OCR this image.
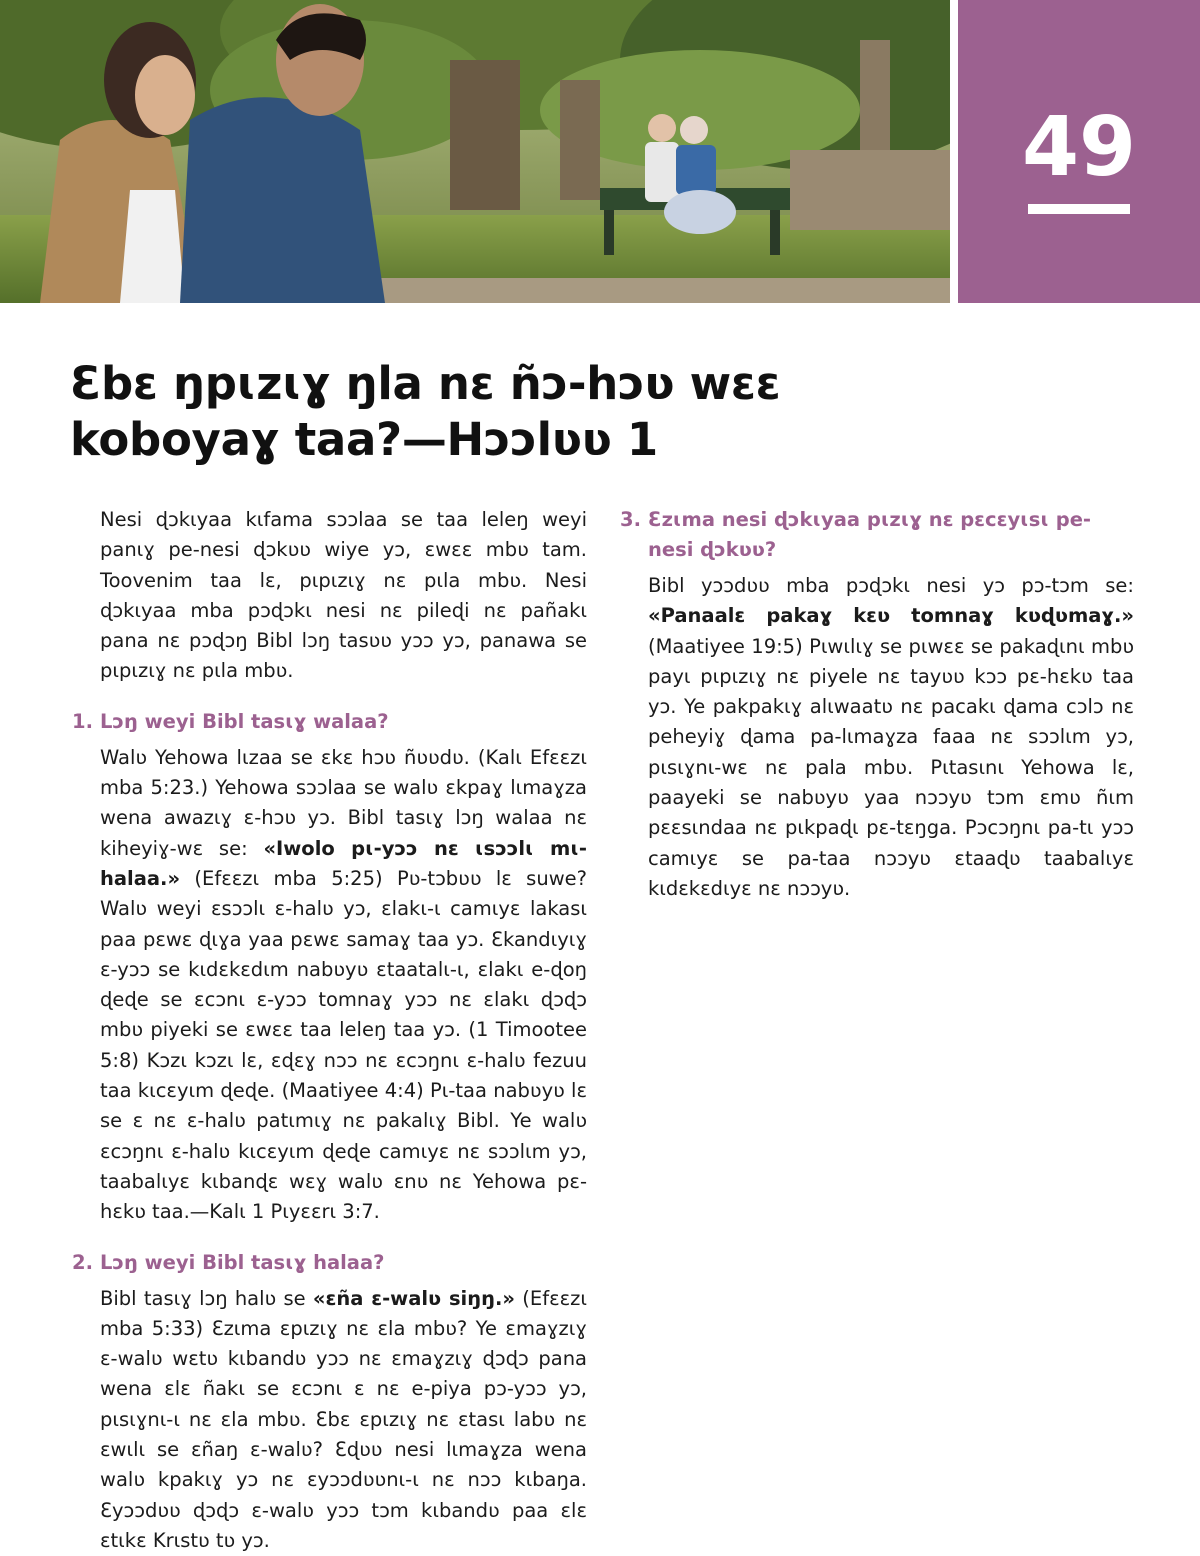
49
Ɛbɛ ŋpɩzɩɣ ŋla nɛ ñɔ-hɔʋ wɛɛ
koboyaɣ taa?—Hɔɔlʋʋ 1

Nesi ɖɔkɩyaa kɩfama sɔɔlaa se taa leleŋ weyi panɩɣ pe-nesi ɖɔkʋʋ wiye yɔ, ɛwɛɛ mbʋ tam. Toovenim taa lɛ, pɩpɩzɩɣ nɛ pɩla mbʋ. Nesi ɖɔkɩyaa mba pɔɖɔkɩ nesi nɛ pileɖi nɛ pañakɩ pana nɛ pɔɖɔŋ Bibl lɔŋ tasʋʋ yɔɔ yɔ, panawa se pɩpɩzɩɣ nɛ pɩla mbʋ.

1. Lɔŋ weyi Bibl tasɩɣ walaa?

Walʋ Yehowa lɩzaa se ɛkɛ hɔʋ ñʋʋdʋ. (Kalɩ Efɛɛzɩ mba 5:23.) Yehowa sɔɔlaa se walʋ ɛkpaɣ lɩmaɣza wena awazɩɣ ɛ-hɔʋ yɔ. Bibl tasɩɣ lɔŋ walaa nɛ kiheyiɣ-wɛ se: «Iwolo pɩ-yɔɔ nɛ ɩsɔɔlɩ mɩ-halaa.» (Efɛɛzɩ mba 5:25) Pʋ-tɔbʋʋ lɛ suwe? Walʋ weyi ɛsɔɔlɩ ɛ-halʋ yɔ, ɛlakɩ-ɩ camɩyɛ lakasɩ paa pɛwɛ ɖɩɣa yaa pɛwɛ samaɣ taa yɔ. Ɛkandɩyɩɣ ɛ-yɔɔ se kɩdɛkɛdɩm nabʋyʋ ɛtaatalɩ-ɩ, ɛlakɩ e-ɖoŋ ɖeɖe se ɛcɔnɩ ɛ-yɔɔ tomnaɣ yɔɔ nɛ ɛlakɩ ɖɔɖɔ mbʋ piyeki se ɛwɛɛ taa leleŋ taa yɔ. (1 Timootee 5:8) Kɔzɩ kɔzɩ lɛ, ɛɖɛɣ nɔɔ nɛ ɛcɔŋnɩ ɛ-halʋ fezuu taa kɩcɛyɩm ɖeɖe. (Maatiyee 4:4) Pɩ-taa nabʋyʋ lɛ se ɛ nɛ ɛ-halʋ patɩmɩɣ nɛ pakalɩɣ Bibl. Ye walʋ ɛcɔŋnɩ ɛ-halʋ kɩcɛyɩm ɖeɖe camɩyɛ nɛ sɔɔlɩm yɔ, taabalɩyɛ kɩbanɖɛ wɛɣ walʋ ɛnʋ nɛ Yehowa pɛ-hɛkʋ taa.—Kalɩ 1 Pɩyɛɛrɩ 3:7.

2. Lɔŋ weyi Bibl tasɩɣ halaa?

Bibl tasɩɣ lɔŋ halʋ se «ɛña ɛ-walʋ siŋŋ.» (Efɛɛzɩ mba 5:33) Ɛzɩma ɛpɩzɩɣ nɛ ɛla mbʋ? Ye ɛmaɣzɩɣ ɛ-walʋ wɛtʋ kɩbandʋ yɔɔ nɛ ɛmaɣzɩɣ ɖɔɖɔ pana wena ɛlɛ ñakɩ se ɛcɔnɩ ɛ nɛ e-piya pɔ-yɔɔ yɔ, pɩsɩɣnɩ-ɩ nɛ ɛla mbʋ. Ɛbɛ ɛpɩzɩɣ nɛ ɛtasɩ labʋ nɛ ɛwɩlɩ se ɛñaŋ ɛ-walʋ? Ɛɖʋʋ nesi lɩmaɣza wena walʋ kpakɩɣ yɔ nɛ ɛyɔɔdʋʋnɩ-ɩ nɛ nɔɔ kɩbaŋa. Ɛyɔɔdʋʋ ɖɔɖɔ ɛ-walʋ yɔɔ tɔm kɩbandʋ paa ɛlɛ ɛtɩkɛ Krɩstʋ tʋ yɔ.

3. Ɛzɩma nesi ɖɔkɩyaa pɩzɩɣ nɛ pɛcɛyɩsɩ pe-nesi ɖɔkʋʋ?

Bibl yɔɔdʋʋ mba pɔɖɔkɩ nesi yɔ pɔ-tɔm se: «Panaalɛ pakaɣ kɛʋ tomnaɣ kʋɖʋmaɣ.» (Maatiyee 19:5) Pɩwɩlɩɣ se pɩwɛɛ se pakaɖɩnɩ mbʋ payɩ pɩpɩzɩɣ nɛ piyele nɛ tayʋʋ kɔɔ pɛ-hɛkʋ taa yɔ. Ye pakpakɩɣ alɩwaatʋ nɛ pacakɩ ɖama cɔlɔ nɛ peheyiɣ ɖama pa-lɩmaɣza faaa nɛ sɔɔlɩm yɔ, pɩsɩɣnɩ-wɛ nɛ pala mbʋ. Pɩtasɩnɩ Yehowa lɛ, paayeki se nabʋyʋ yaa nɔɔyʋ tɔm ɛmʋ ñɩm pɛɛsɩndaa nɛ pɩkpaɖɩ pɛ-tɛŋga. Pɔcɔŋnɩ pa-tɩ yɔɔ camɩyɛ se pa-taa nɔɔyʋ ɛtaaɖʋ taabalɩyɛ kɩdɛkɛdɩyɛ nɛ nɔɔyʋ.
